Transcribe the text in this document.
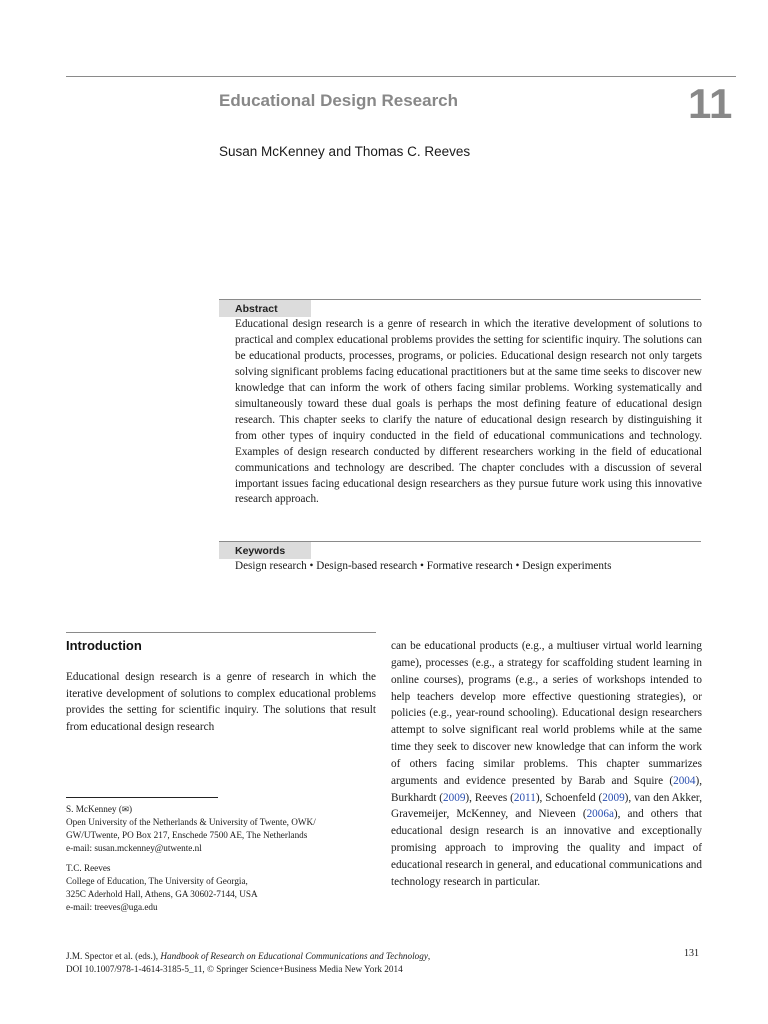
Educational Design Research	11
Susan McKenney and Thomas C. Reeves
Abstract

Educational design research is a genre of research in which the iterative development of solutions to practical and complex educational problems provides the setting for scientific inquiry. The solutions can be educational products, processes, programs, or policies. Educational design research not only targets solving significant problems facing educational practitioners but at the same time seeks to discover new knowledge that can inform the work of others facing similar problems. Working systematically and simultaneously toward these dual goals is perhaps the most defining feature of educational design research. This chapter seeks to clarify the nature of educational design research by distinguishing it from other types of inquiry conducted in the field of educational communications and technology. Examples of design research conducted by different researchers working in the field of educational communications and technology are described. The chapter concludes with a discussion of several important issues facing educational design researchers as they pursue future work using this innovative research approach.

Keywords

Design research • Design-based research • Formative research • Design experiments

Introduction

Educational design research is a genre of research in which the iterative development of solutions to complex educational problems provides the setting for scientific inquiry. The solutions that result from educational design research

can be educational products (e.g., a multiuser virtual world learning game), processes (e.g., a strategy for scaffolding student learning in online courses), programs (e.g., a series of workshops intended to help teachers develop more effective questioning strategies), or policies (e.g., year-round schooling). Educational design researchers attempt to solve significant real world problems while at the same time they seek to discover new knowledge that can inform the work of others facing similar problems. This chapter summarizes arguments and evidence presented by Barab and Squire (2004), Burkhardt (2009), Reeves (2011), Schoenfeld (2009), van den Akker, Gravemeijer, McKenney, and Nieveen (2006a), and others that educational design research is an innovative and exceptionally promising approach to improving the quality and impact of educational research in general, and educational communications and technology research in particular.

S. McKenney (✉)
Open University of the Netherlands & University of Twente, OWK/
GW/UTwente, PO Box 217, Enschede 7500 AE, The Netherlands
e-mail: susan.mckenney@utwente.nl
T.C. Reeves
College of Education, The University of Georgia,
325C Aderhold Hall, Athens, GA 30602-7144, USA
e-mail: treeves@uga.edu
J.M. Spector et al. (eds.), Handbook of Research on Educational Communications and Technology,
DOI 10.1007/978-1-4614-3185-5_11, © Springer Science+Business Media New York 2014
131
